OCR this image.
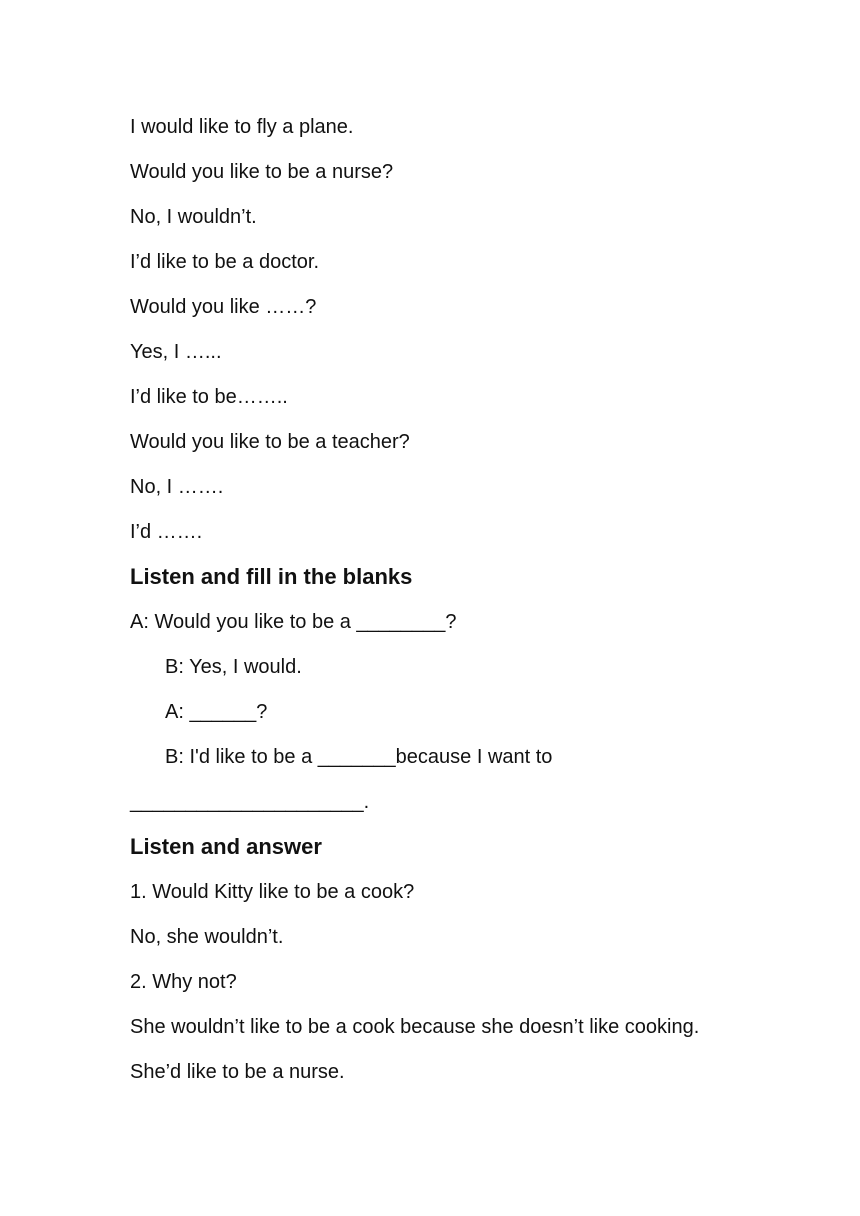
I would like to fly a plane.
Would you like to be a nurse?
No, I wouldn’t.
I’d like to be a doctor.
Would you like ……?
Yes, I …...
I’d like to be……..
Would you like to be a teacher?
No, I …….
I’d …….
Listen and fill in the blanks
A: Would you like to be a ________?
B: Yes, I would.
A: ______?
B: I'd like to be a _______because I want to
_____________________.
Listen and answer
1. Would Kitty like to be a cook?
No, she wouldn’t.
2. Why not?
She wouldn’t like to be a cook because she doesn’t like cooking.
She’d like to be a nurse.
